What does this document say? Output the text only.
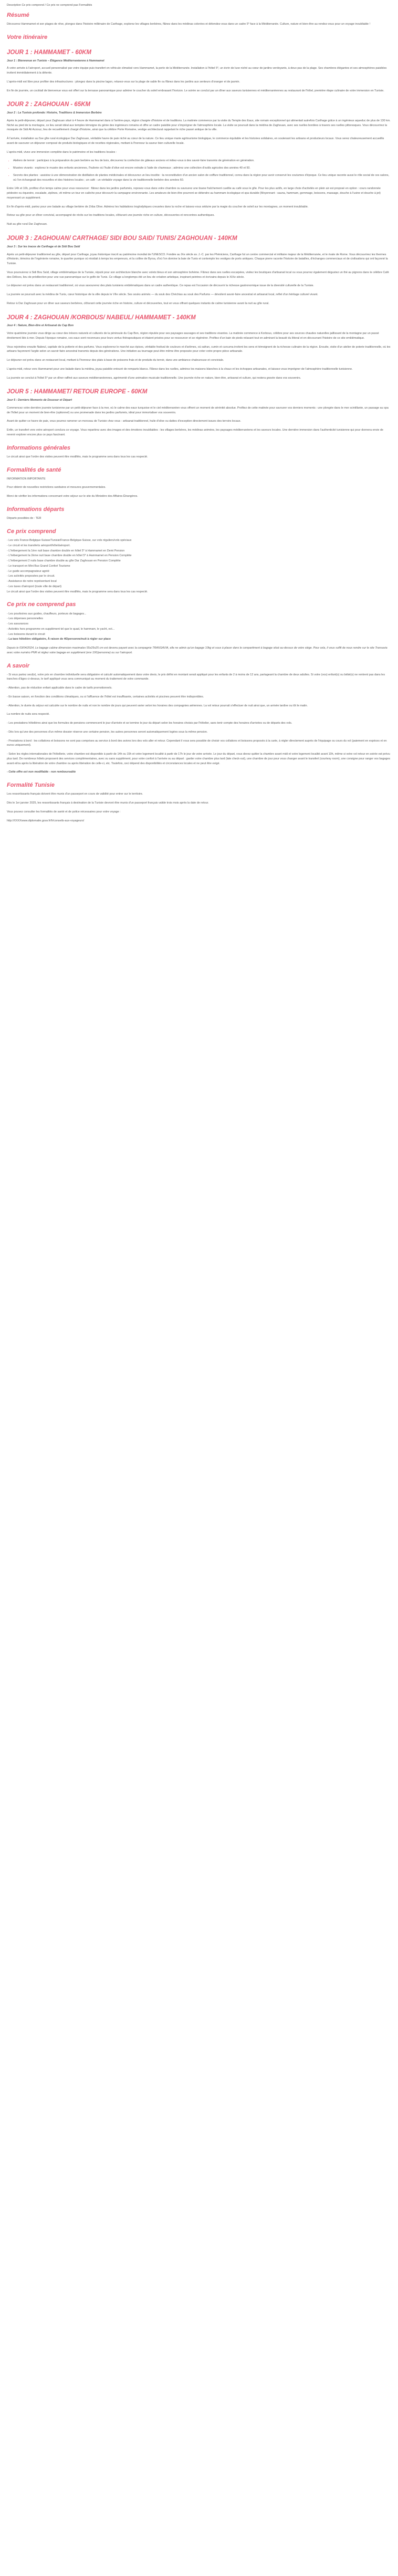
Description Ce prix comprend / Ce prix ne comprend pas Formalités

Résumé

Découvrez Hammamet et son plages de rêve, plongez dans l'histoire millénaire de Carthage, explorez les villages berbères, flânez dans les médinas colorées et détendez-vous dans un cadre 5* face à la Méditerranée. Culture, nature et bien-être au rendez-vous pour un voyage inoubliable !

Votre itinéraire
JOUR 1 : HAMMAMET - 60KM

Jour 1 : Bienvenue en Tunisie – Élégance Méditerranéenne à Hammamet

À votre arrivée à l'aéroport, accueil personnalisé par votre équipe puis transfert en véhicule climatisé vers Hammamet, la perle de la Méditerranée. Installation à l'hôtel 5*, un écrin de luxe niché au cœur de jardins verdoyants, à deux pas de la plage. Ses chambres élégantes et ses atmosphères paisibles invitent immédiatement à la détente.

L'après-midi est libre pour profiter des infrastructures : plongez dans la piscine lagon, relaxez-vous sur la plage de sable fin ou flânez dans les jardins aux senteurs d'oranger et de jasmin.

En fin de journée, un cocktail de bienvenue vous est offert sur la terrasse panoramique pour admirer le coucher du soleil embrasant l'horizon. Le soirée se conclut par un dîner aux saveurs tunisiennes et méditerranéennes au restaurant de l'hôtel, première étape culinaire de votre immersion en Tunisie.

JOUR 2 : ZAGHOUAN - 65KM

Jour 2 : La Tunisie profonde: Histoire, Traditions & Immersion Berbère

Après le petit-déjeuner, départ pour Zaghouan situé à 4 heure de Hammamet dans à l'arrière-pays, région chargée d'histoire et de traditions. La matinée commence par la visite du Temple des Eaux, site romain exceptionnel qui alimentait autrefois Carthage grâce à un ingénieux aqueduc de plus de 130 km. Niché au pied de la montagne, ce lieu serait idéal aux temples témoigne du génie des ingénieurs romains et offre un cadre paisible pour s'imprégner de l'atmosphère locale. La visite se poursuit dans la médina de Zaghouan, avec ses ruelles bordées à travers ses ruelles pittoresques. Vous découvrirez la mosquée de Sidi Ali Azzouz, lieu de recueillement chargé d'histoire, ainsi que la célèbre Porte Romaine, vestige architectural rappelant le riche passé antique de la ville.

À l'arrivée, installation au 5se gîte rural écologique Dar Zaghouan, véritable havre de paix niché au cœur de la nature. Ce lieu unique marie agritourisme biologique, le commerce équitable et les histoires solidaires, en soutenant les artisans et producteurs locaux. Vous serez chaleureusement accueillis avant de savourer un déjeuner composé de produits biologiques et de recettes régionales, mettant à l'honneur la saveur bien culturelle locale.

L'après-midi, vivez une immersion complète dans le patrimoine et les traditions locales :

• Ateliers de terroir : participez à la préparation du pain berbère au feu de bois, découvrez la confection de gâteaux anciens et initiez-vous à des savoir-faire transmis de génération en génération.
• Musées vivants : explorez le musée des enfants anciennes, l'huilerie où l'huile d'olive est encore extraite à l'aide de chameaux ; admirez une collection d'outils agricoles des années 40 et 50.
• Secrets des plantes : assistez à une démonstration de distillation de plantes médicinales et découvrez un lieu insolite : la reconstitution d'un ancien salon de coiffure traditionnel, connu dans la région pour avoir conservé les coutumes d'époque. Ce lieu unique raconte aussi le rôle social de ces salons, où l'on échangeait des nouvelles et des histoires locales ; un café : un véritable voyage dans la vie traditionnelle berbère des années 60.

Entre 14h et 16h, profitez d'un temps calme pour vous ressourcer : flânez dans les jardins parfumés, reposez-vous dans votre chambre ou savourez une tisane fraîchement cueillie au café sous le gîte. Pour les plus actifs, en large choix d'activités en plein air est proposé en option : cours randonnée pédestre ou équestre, escalade, ziplines, vtt même un tour en calèche pour découvrir la campagne environnante. Les amateurs de bien-être pourront se détendre au hammam écologique et spa durable (Moyennant : sauna, hammam, gommage, boissons, massage, douche à l'usine et douche à jet) moyennant un supplément.

En fin d'après-midi, partez pour une balade au village berbère de Zriba Olive. Admirez les habitations troglodytiques creusées dans la roche et laissez-vous séduire par la magie du coucher de soleil sur les montagnes, un moment inoubliable.

Retour au gîte pour un dîner convivial, accompagné de récits sur les traditions locales, clôturant une journée riche en culture, découvertes et rencontres authentiques.

Nuit au gîte rural Dar Zaghouan.

JOUR 3 : ZAGHOUAN/ CARTHAGE/ SIDI BOU SAID/ TUNIS/ ZAGHOUAN - 140KM

Jour 3 : Sur les traces de Carthage et de Sidi Bou Saïd

Après un petit-déjeuner traditionnel au gîte, départ pour Carthage, joyau historique inscrit au patrimoine mondial de l'UNESCO. Fondée au IXe siècle av. J.-C. par les Phéniciens, Carthage fut un centre commercial et militaire majeur de la Méditerranée, et le rivale de Rome. Vous découvrirez les thermes d'Antonin, témoins de l'ingénierie romaine, le quartier punique où résidait à temps les empereurs, et la colline de Byrsa, d'où l'on domine la baie de Tunis et contemple les vestiges de ports antiques. Chaque pierre raconte l'histoire de batailles, d'échanges commerciaux et de civilisations qui ont façonné la Tunisie.

Vous poursuivrez à Sidi Bou Saïd, village emblématique de la Tunisie, réputé pour son architecture blanche avec volets bleus et son atmosphère bohème. Flânez dans ses ruelles escarpées, visitez les boutiques d'artisanat local ou vous pourrez également dégustez un thé au pignons dans le célèbre Café des Délices, lieu de prédilection pour une vue panoramique sur le golfe de Tunis. Ce village a longtemps été un lieu de création artistique, inspirant peintres et écrivains depuis le XIXe siècle.

Le déjeuner est prévu dans un restaurant traditionnel, où vous savourerez des plats tunisiens emblématiques dans un cadre authentique. Ce repas est l'occasion de découvrir la richesse gastronomique issue de la diversité culturelle de la Tunisie.

La journée se poursuit avec la médina de Tunis, cœur historique de la ville depuis le VIIe siècle. Ses souks animés — du souk des Chéchias au souk des Parfums — dévoilent savoir-faire ancestral et artisanat local, reflet d'un héritage culturel vivant.

Retour à Dar Zaghouan pour un dîner aux saveurs berbères, clôturant cette journée riche en histoire, culture et découvertes, tout en vous offrant quelques instants de calme tunisienne avant la nuit au gîte rural.

JOUR 4 : ZAGHOUAN /KORBOUS/ NABEUL/ HAMMAMET - 140KM

Jour 4 : Nature, Bien-être et Artisanat du Cap Bon

Votre quatrième journée vous dirige au cœur des trésors naturels et culturels de la péninsule du Cap Bon, région réputée pour ses paysages sauvages et ses traditions vivantes. La matinée commence à Korbous, célèbre pour ses sources chaudes naturelles jaillissant de la montagne par un passé étroitement liée à mer. Depuis l'époque romaine, ces eaux sont reconnues pour leurs vertus thérapeutiques et étaient prisées pour se ressourcer et se régénérer. Profitez d'un bain de pieds relaxant tout en admirant la beauté du littoral et en découvrant l'histoire de ce site emblématique.

Vous rejoindrez ensuite Nabeul, capitale de la potterie et des parfums. Vous explorerez le marché aux épices, véritable festival de couleurs et d'arômes, où safran, cumin et curcuma invitent les sens et témoignent de la richesse culinaire de la région. Ensuite, visite d'un atelier de poterie traditionnelle, où les artisans façonnent l'argile selon un savoir-faire ancestral transmis depuis des générations. Une initiation au tournage peut-être même être proposée pour créer votre propre pièce artisanale.

Le déjeuner est prévu dans un restaurant local, mettant à l'honneur des plats à base de poissons frais et de produits du terroir, dans une ambiance chaleureuse et conviviale.

L'après-midi, retour vers Hammamet pour une balade dans la médina, joyau paisible entouré de remparts blancs. Flânez dans les ruelles, admirez les maisons blanches à la chaux et les échoppes artisanales, et laissez-vous imprégner de l'atmosphère traditionnelle tunisienne.

La journée se conclut à l'hôtel 5* par un dîner raffiné aux saveurs méditerranéennes, agrémenté d'une animation musicale traditionnelle. Une journée riche en nature, bien-être, artisanat et culture, qui restera gravée dans vos souvenirs.

JOUR 5 : HAMMAMET/ RETOUR EUROPE - 60KM

Jour 5 : Derniers Moments de Douceur et Départ

Commencez votre dernière journée tunisienne par un petit-déjeuner face à la mer, où le calme des eaux turquoise et le ciel méditerranéen vous offrent un moment de sérénité absolue. Profitez de cette matinée pour savourer vos derniers moments : une plongée dans le mer scintillante, un passage au spa de l'hôtel pour un moment de bien-être (optionnel) ou une promenade dans les jardins parfumés, idéal pour immortaliser vos souvenirs.

Avant de quitter ce havre de paix, vous pourrez ramener un morceau de Tunisie chez vous : artisanat traditionnel, huile d'olive ou dattes d'exception directement issues des terroirs locaux.

Enfin, un transfert vers votre aéroport conclura ce voyage. Vous repartirez avec des images et des émotions inoubliables : les villages berbères, les médinas animées, les paysages méditerranéens et les saveurs locales. Une dernière immersion dans l'authenticité tunisienne qui pour donnera envie de revenir explorer encore plus ce pays fascinant.

Informations générales

Le circuit ainsi que l'ordre des visites peuvent être modifiés, mais le programme sera dans tous les cas respecté.

Formalités de santé

INFORMATION IMPORTANTE

Pour obtenir de nouvelles restrictions sanitaires et mesures gouvernementales.

Merci de vérifier les informations concernant votre séjour sur le site du Ministère des Affaires Étrangères.

Informations départs

Départs possibles de : TER

Ce prix comprend

- Les vols France-Belgique-Suisse/Tunisie/France-Belgique-Suisse, sur vols réguliers/vols spéciaux

- Le circuit et les transferts aéroport/hôtel/aéroport.

- L'hébergement la 1ère nuit base chambre double en hôtel 5* à Hammamet en Demi Pension

- L'hébergement la 2ème nuit base chambre double en hôtel 5* à Hammamet en Pension Complète

- L'hébergement 2 nuits base chambre double au gîte Dar Zaghouan en Pension Complète

- Le transport en Mini Bus Grand Confort Tourisme

- Le guide accompagnateur agréé

- Les activités proposées par le circuit.

- Assistance de notre représentant local

- Les taxes d'aéroport (toute ville de départ)

Le circuit ainsi que l'ordre des visites peuvent être modifiés, mais le programme sera dans tous les cas respecté.

Ce prix ne comprend pas

- Les pourboires aux guides, chauffeurs, porteurs de bagages...

- Les dépenses personnelles

- Les assurances

- Activités hors programme en supplément tel que le quad, le hammam, le yacht, ect...

- Les boissons durant le circuit

- La taxe hôtelière obligatoire, À raison de 4€/personne/nuit à régler sur place

Depuis le 03/04/2024, Le bagage cabine dimension maximales 55x25x25 cm est devenu payant avec la compagnie TRANSAVIA, elle ne admis qu'un bagage 10kg et sous à placer dans le compartiment à bagage situé au-dessus de votre siège. Pour cela, il vous suffit de nous rendre sur le site Transavia avec votre numéro PNR et réglez votre bagage en supplément (env 10€/personne) ou sur l'aéroport.

A savoir

- Si vous partez seul(e), votre prix en chambre individuelle sera obligatoire et calculé automatiquement dans votre devis, le prix défini en montant serait appliqué pour les enfants de 2 à moins de 12 ans, partageant la chambre de deux adultes. Si votre (vos) enfant(s) ou bébé(s) ne rentrent pas dans les tranches d'âges ci-dessus, le tarif appliqué vous sera communiqué au moment du traitement de votre commande.

- Attention, pas de réduction enfant applicable dans le cadre de tarifs promotionnels.

- En basse saison, en fonction des conditions climatiques, ou si l'affluence de l'hôtel est insuffisante, certaines activités et piscines peuvent être indisponibles.

- Attention, le durée du séjour est calculée sur le nombre de nuits et non le nombre de jours qui peuvent varier selon les horaires des compagnies aériennes. La vol retour pourrait s'effectuer de nuit ainsi que, un arrivée tardive ou tôt le matin.

La nombre de nuits sera respecté.

- Les prestations hôtelières ainsi que les formules de pensions commencent le jour d'arrivée et se termine le jour du départ selon les horaires choisis par l'hôtelier, sans tenir compte des horaires d'arrivées ou de départs des vols.

- Dès lors qu'une des personnes d'un même dossier réserve une certaine pension, les autres personnes seront automatiquement logées sous la même pension.

- Prestations à bord : les collations et boissons ne sont pas comprises au service à bord des avions lors des vols aller et retour. Cependant il vous sera possible de choisir vos collations et boissons proposés à la carte, à régler directement auprès de l'équipage ou cours du vol (paiement en espèces et en euros uniquement).

- Selon les règles internationales de l'hôtellerie, votre chambre est disponible à partir de 14h ou 15h et votre logement localité à partir de 17h le jour de votre arrivée. Le jour du départ, vous devez quitter la chambre avant midi et votre logement localité avant 10h, même si votre vol retour en soirée est prévu plus tard. De nombreux hôtels proposent des services complémentaires, avec ou sans supplément, pour votre confort à l'arrivée ou au départ : garder votre chambre plus tard (late check-out), une chambre de jour pour vous changer avant le transfert (courtesy room), une consigne pour ranger vos bagages avant et/ou après la libération de votre chambre ou après libération de celle-ci, etc. Toutefois, ceci dépend des disponibilités et circonstances locales et ne peut être exigé.

- Cette offre est non modifiable - non remboursable

Formalité Tunisie

Les ressortissants français doivent être munis d'un passeport en cours de validité pour entrer sur le territoire.

Dès le 1er janvier 2025, les ressortissants français à destination de la Tunisie devront être munis d'un passeport français valide trois mois après la date de retour.

Vous pouvez consulter les formalités de santé et de police nécessaires pour votre voyage :

http://XXXXwww.diplomatie.gouv.fr/fr/conseils-aux-voyageurs/
